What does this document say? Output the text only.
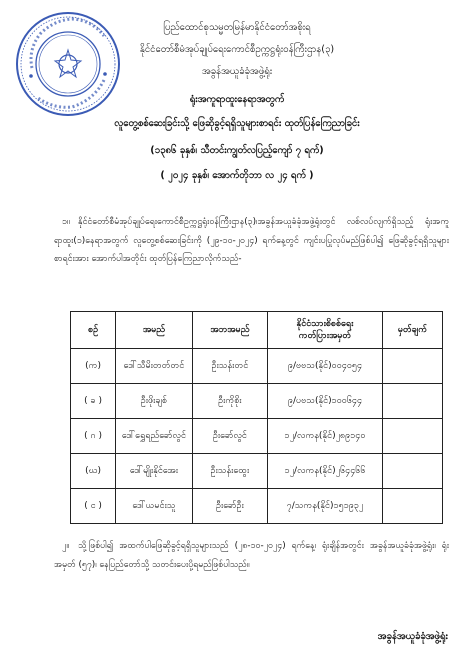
ပြည်ထောင်စုသမ္မတမြန်မာနိုင်ငံတော်အစိုးရ
နိုင်ငံတော်စီမံအုပ်ချုပ်ရေးကောင်စီဥက္ကဋ္ဌရုံးဝန်ကြီးဌာန(၃)
အခွန်အယူခံခုံအဖွဲ့ရုံး
ရုံးအကူရာထူးနေရာအတွက်
လူတွေ့စစ်ဆေးခြင်းသို့ ဖြေဆိုခွင့်ရရှိသူများစာရင်း ထုတ်ပြန်ကြေညာခြင်း
(၁၃၈၆ ခုနှစ်၊ သီတင်းကျွတ်လပြည့်ကျော် ၇ ရက်)
( ၂၀၂၄ ခုနှစ်၊ အောက်တိုဘာ လ ၂၄ ရက် )
၁။ နိုင်ငံတော်စီမံအုပ်ချုပ်ရေးကောင်စီဥက္ကဋ္ဌရုံးဝန်ကြီးဌာန(၃)၊အခွန်အယူခံခုံအဖွဲ့ရုံးတွင် လစ်လပ်လျက်ရှိသည့် ရုံးအကူရာထူး(၁)နေရာအတွက် လူတွေ့စစ်ဆေးခြင်းကို (၂၉-၁၀-၂၀၂၄) ရက်နေ့တွင် ကျင်းပပြုလုပ်မည်ဖြစ်ပါ၍ ဖြေဆိုခွင့်ရရှိသူများစာရင်းအား အောက်ပါအတိုင်း ထုတ်ပြန်ကြေညာလိုက်သည်-
စဉ်	အမည်	အဘအမည်	နိုင်ငံသားစိစစ်ရေး
ကတ်ပြားအမှတ်	မှတ်ချက်
(က)	ဒေါ်သီမိးတတ်တင်	ဦးသန်းတင်	၉/ဗဗသ(နိုင်)၀၀၄၀၅၄	
( ခ )	ဦးဖိုးချစ်	ဦးကိုစိုး	၉/ပဗသ(နိုင်)၁၀၀၆၄၄	
( ဂ )	ဒေါ်ရွှေရည်ခော်လွင်	ဦးခော်လွင်	၁၂/လကန(နိုင်)၂၈၉၁၄၀	
(ဃ)	ဒေါ်မျိုးနိုင်အေး	ဦးသန်းထွေး	၁၂/လကန(နိုင်)၂၆၄၄၆၆	
( င )	ဒေါ်ယမင်းသူ	ဦးခော်ဦး	၇/သကန(နိုင်)၁၅၁၉၃၂	
၂။ သို့ဖြစ်ပါ၍ အထက်ပါဖြေဆိုခွင့်ရရှိသူများသည် (၂၈-၁၀-၂၀၂၄) ရက်နေ့၊ ရုံးချိန်အတွင်း အခွန်အယူခံခုံအဖွဲ့ရုံး၊ ရုံးအမှတ် (၅၇)၊ နေပြည်တော်သို့ သတင်းပေးပို့ရမည်ဖြစ်ပါသည်။
အခွန်အယူခံခုံအဖွဲ့ရုံး
